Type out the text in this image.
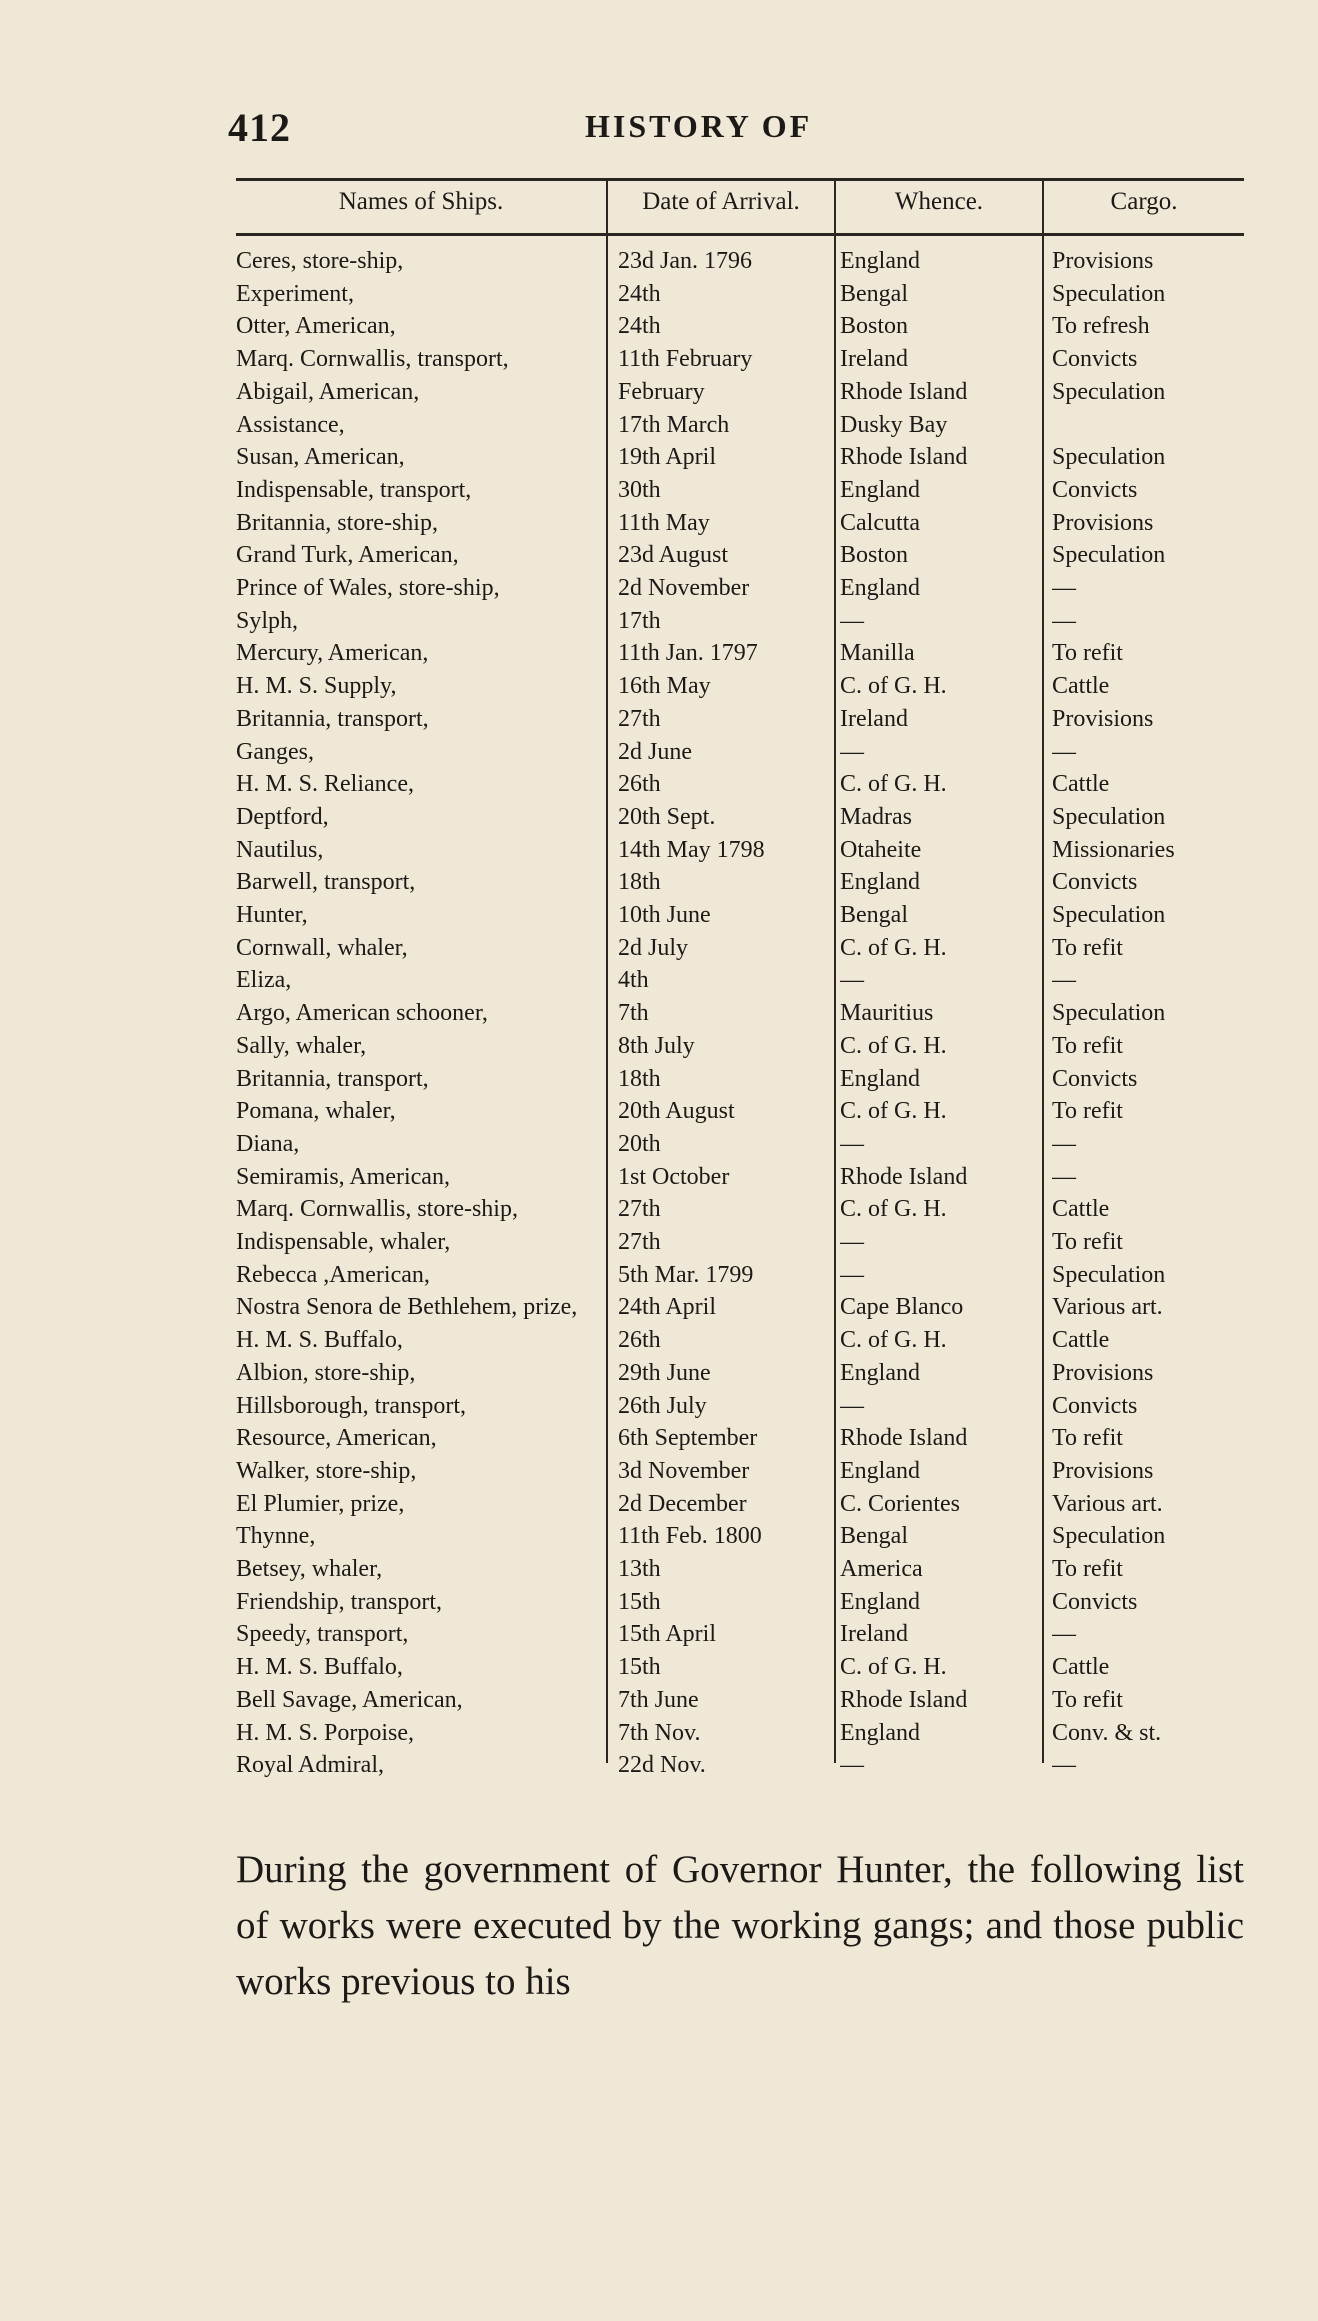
412	HISTORY OF
Names of Ships.	Date of Arrival.	Whence.	Cargo.
Ceres, store-ship,	23d Jan. 1796	England	Provisions
Experiment,	24th	Bengal	Speculation
Otter, American,	24th	Boston	To refresh
Marq. Cornwallis, transport,	11th February	Ireland	Convicts
Abigail, American,	February	Rhode Island	Speculation
Assistance,	17th March	Dusky Bay
Susan, American,	19th April	Rhode Island	Speculation
Indispensable, transport,	30th	England	Convicts
Britannia, store-ship,	11th May	Calcutta	Provisions
Grand Turk, American,	23d August	Boston	Speculation
Prince of Wales, store-ship,	2d November	England	—
Sylph,	17th	—	—
Mercury, American,	11th Jan. 1797	Manilla	To refit
H. M. S. Supply,	16th May	C. of G. H.	Cattle
Britannia, transport,	27th	Ireland	Provisions
Ganges,	2d June	—	—
H. M. S. Reliance,	26th	C. of G. H.	Cattle
Deptford,	20th Sept.	Madras	Speculation
Nautilus,	14th May 1798	Otaheite	Missionaries
Barwell, transport,	18th	England	Convicts
Hunter,	10th June	Bengal	Speculation
Cornwall, whaler,	2d July	C. of G. H.	To refit
Eliza,	4th	—	—
Argo, American schooner,	7th	Mauritius	Speculation
Sally, whaler,	8th July	C. of G. H.	To refit
Britannia, transport,	18th	England	Convicts
Pomana, whaler,	20th August	C. of G. H.	To refit
Diana,	20th	—	—
Semiramis, American,	1st October	Rhode Island	—
Marq. Cornwallis, store-ship,	27th	C. of G. H.	Cattle
Indispensable, whaler,	27th	—	To refit
Rebecca ,American,	5th Mar. 1799	—	Speculation
Nostra Senora de Bethlehem, prize,	24th April	Cape Blanco	Various art.
H. M. S. Buffalo,	26th	C. of G. H.	Cattle
Albion, store-ship,	29th June	England	Provisions
Hillsborough, transport,	26th July	—	Convicts
Resource, American,	6th September	Rhode Island	To refit
Walker, store-ship,	3d November	England	Provisions
El Plumier, prize,	2d December	C. Corientes	Various art.
Thynne,	11th Feb. 1800	Bengal	Speculation
Betsey, whaler,	13th	America	To refit
Friendship, transport,	15th	England	Convicts
Speedy, transport,	15th April	Ireland	—
H. M. S. Buffalo,	15th	C. of G. H.	Cattle
Bell Savage, American,	7th June	Rhode Island	To refit
H. M. S. Porpoise,	7th Nov.	England	Conv. & st.
Royal Admiral,	22d Nov.	—	—

During the government of Governor Hunter, the following list of works were executed by the working gangs; and those public works previous to his
